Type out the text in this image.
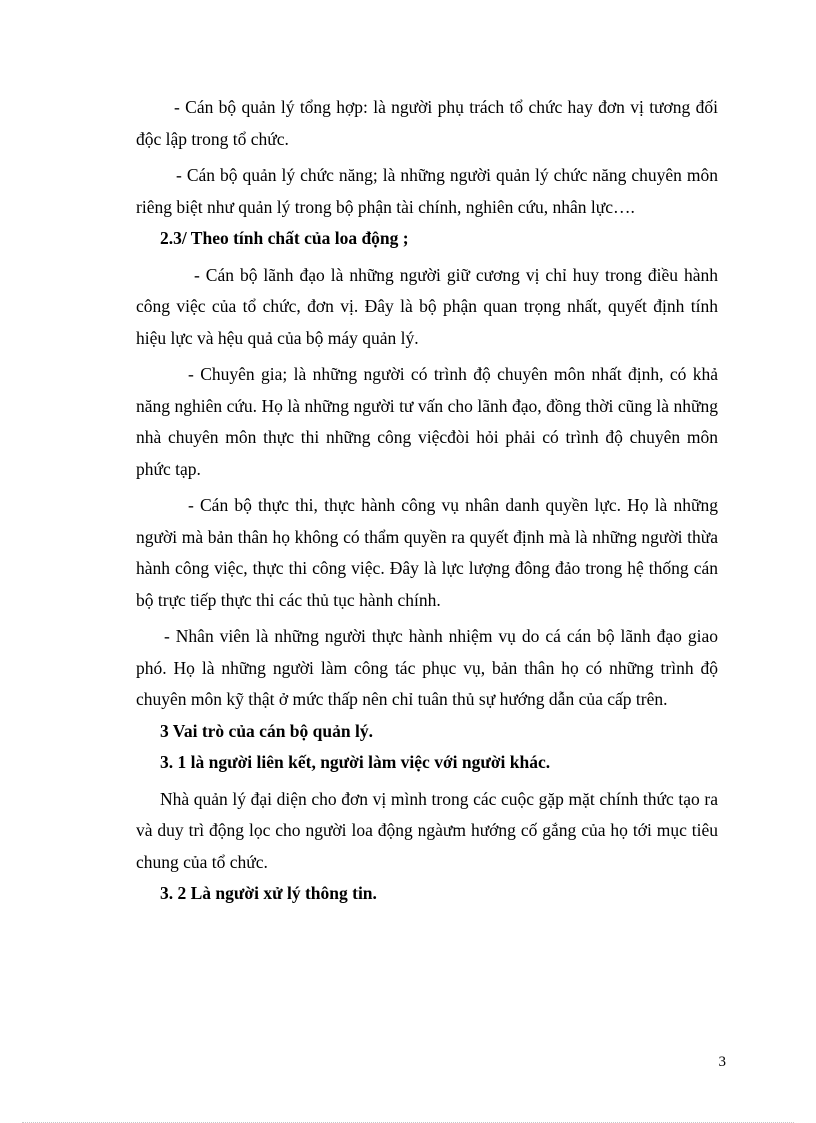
- Cán bộ quản lý tổng hợp: là người phụ trách tổ chức hay đơn vị tương đối độc lập trong tổ chức.

- Cán bộ quản lý chức năng; là những người quản lý chức năng chuyên môn riêng biệt như quản lý trong bộ phận tài chính, nghiên cứu, nhân lực….

2.3/ Theo tính chất của loa động ;

- Cán bộ lãnh đạo là những người giữ cương vị chỉ huy trong điều hành công việc của tổ chức, đơn vị. Đây là bộ phận quan trọng nhất, quyết định tính hiệu lực và hệu quả của bộ máy quản lý.

- Chuyên gia; là những người có trình độ chuyên môn nhất định, có khả năng nghiên cứu. Họ là những người tư vấn cho lãnh đạo, đồng thời cũng là những nhà chuyên môn thực thi những công việcđòi hỏi phải có trình độ chuyên môn phức tạp.

- Cán bộ thực thi, thực hành công vụ nhân danh quyền lực. Họ là những người mà bản thân họ không có thẩm quyền ra quyết định mà là những người thừa hành công việc, thực thi công việc. Đây là lực lượng đông đảo trong hệ thống cán bộ trực tiếp thực thi các thủ tục hành chính.

- Nhân viên là những người thực hành nhiệm vụ do cá cán bộ lãnh đạo giao phó. Họ là những người làm công tác phục vụ, bản thân họ có những trình độ chuyên môn kỹ thật ở mức thấp nên chỉ tuân thủ sự hướng dẫn của cấp trên.

3 Vai trò của cán bộ quản lý.

3. 1 là người liên kết, người làm việc với người khác.

Nhà quản lý đại diện cho đơn vị mình trong các cuộc gặp mặt chính thức tạo ra và duy trì động lọc cho người loa động ngàưm hướng cố gắng của họ tới mục tiêu chung của tổ chức.

3. 2 Là người xử lý thông tin.

3
